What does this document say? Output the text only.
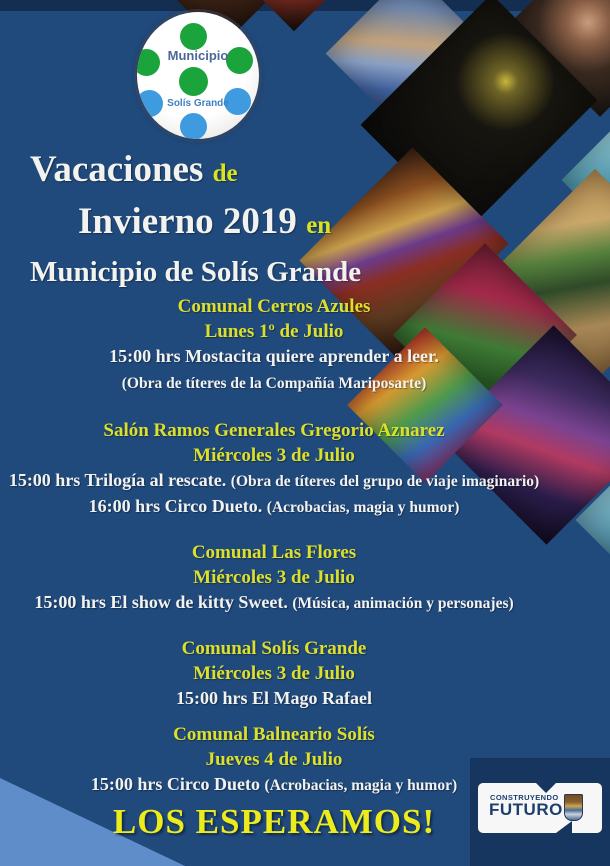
Municipio
Solís Grande
Vacaciones de
Invierno 2019 en
Municipio de Solís Grande
Comunal Cerros Azules
Lunes 1º de Julio
15:00 hrs Mostacita quiere aprender a leer.
(Obra de títeres de la Compañía Mariposarte)
Salón Ramos Generales Gregorio Aznarez
Miércoles 3 de Julio
15:00 hrs Trilogía al rescate. (Obra de títeres del grupo de viaje imaginario)
16:00 hrs Circo Dueto. (Acrobacias, magia y humor)
Comunal Las Flores
Miércoles 3 de Julio
15:00 hrs El show de kitty Sweet. (Música, animación y personajes)
Comunal Solís Grande
Miércoles 3 de Julio
15:00 hrs El Mago Rafael
Comunal Balneario Solís
Jueves 4 de Julio
15:00 hrs Circo Dueto (Acrobacias, magia y humor)
LOS ESPERAMOS!
CONSTRUYENDO
FUTURO
